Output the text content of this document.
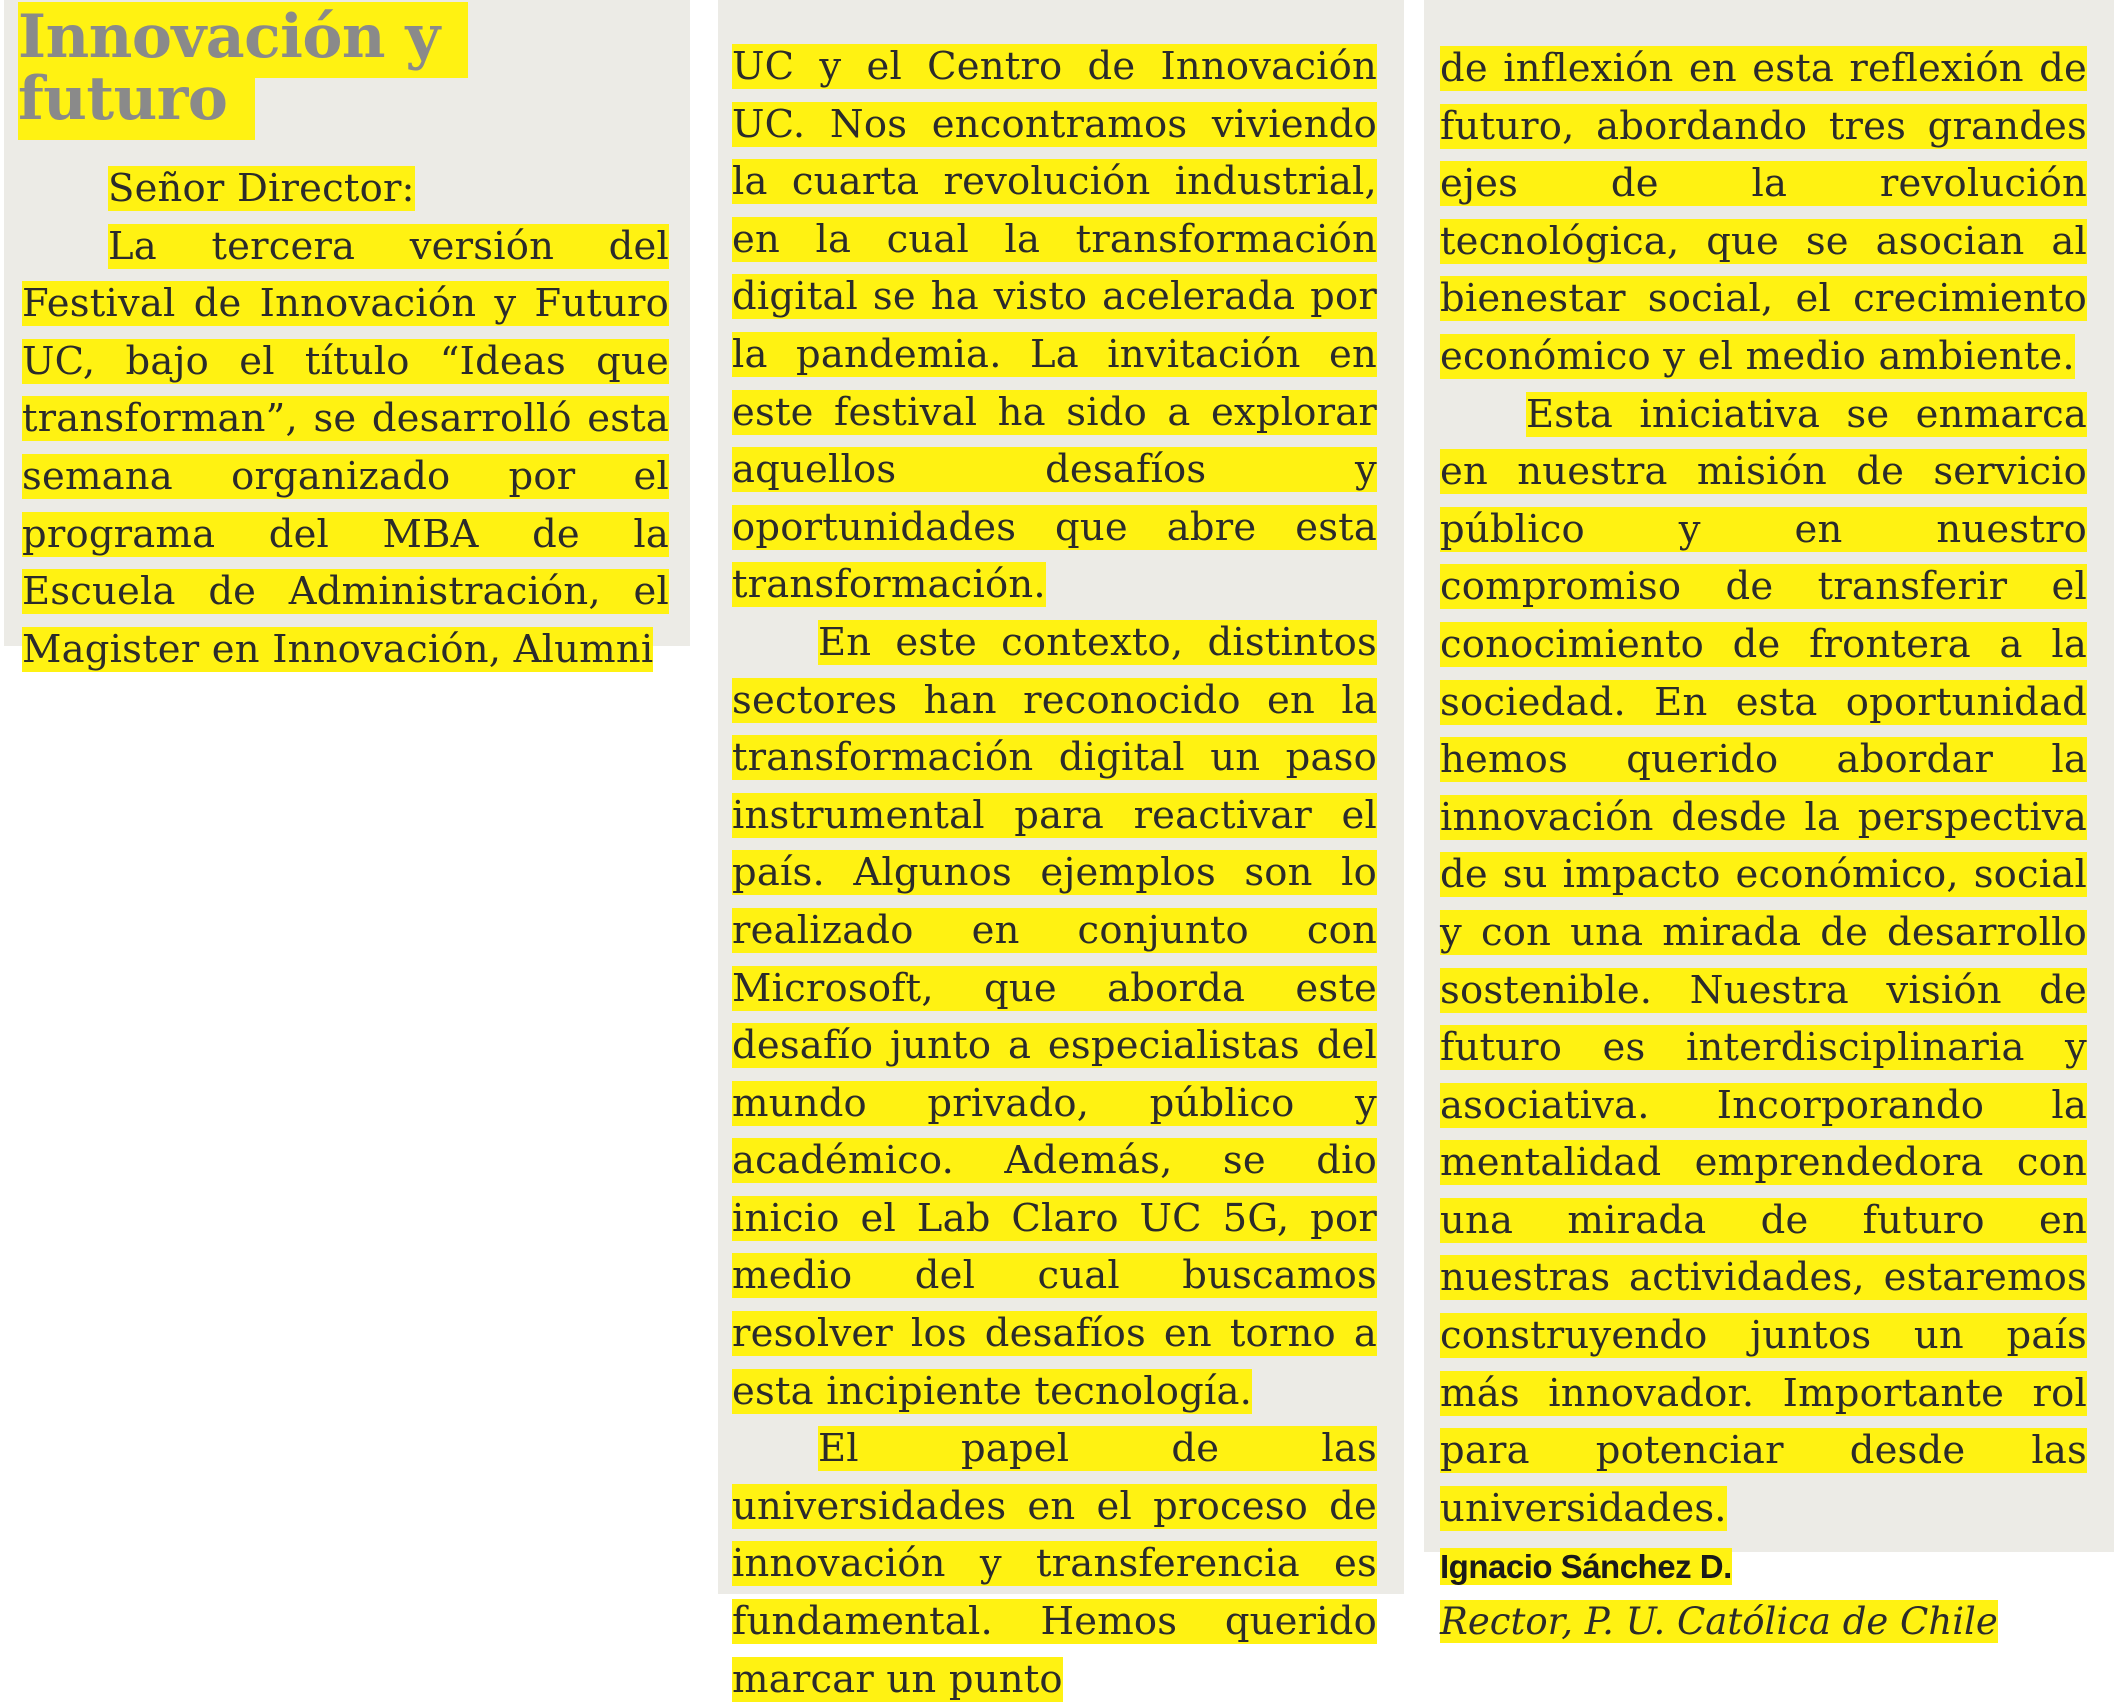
Innovación y futuro

Señor Director:

La tercera versión del Festival de Innovación y Futuro UC, bajo el título “Ideas que transforman”, se desarrolló esta semana organizado por el programa del MBA de la Escuela de Administración, el Magister en Innovación, Alumni

UC y el Centro de Innovación UC. Nos encontramos viviendo la cuarta revolución industrial, en la cual la transformación digital se ha visto acelerada por la pandemia. La invitación en este festival ha sido a explorar aquellos desafíos y oportunidades que abre esta transformación.

En este contexto, distintos sectores han reconocido en la transformación digital un paso instrumental para reactivar el país. Algunos ejemplos son lo realizado en conjunto con Microsoft, que aborda este desafío junto a especialistas del mundo privado, público y académico. Además, se dio inicio el Lab Claro UC 5G, por medio del cual buscamos resolver los desafíos en torno a esta incipiente tecnología.

El papel de las universidades en el proceso de innovación y transferencia es fundamental. Hemos querido marcar un punto

de inflexión en esta reflexión de futuro, abordando tres grandes ejes de la revolución tecnológica, que se asocian al bienestar social, el crecimiento económico y el medio ambiente.

Esta iniciativa se enmarca en nuestra misión de servicio público y en nuestro compromiso de transferir el conocimiento de frontera a la sociedad. En esta oportunidad hemos querido abordar la innovación desde la perspectiva de su impacto económico, social y con una mirada de desarrollo sostenible. Nuestra visión de futuro es interdisciplinaria y asociativa. Incorporando la mentalidad emprendedora con una mirada de futuro en nuestras actividades, estaremos construyendo juntos un país más innovador. Importante rol para potenciar desde las universidades.

Ignacio Sánchez D.

Rector, P. U. Católica de Chile
